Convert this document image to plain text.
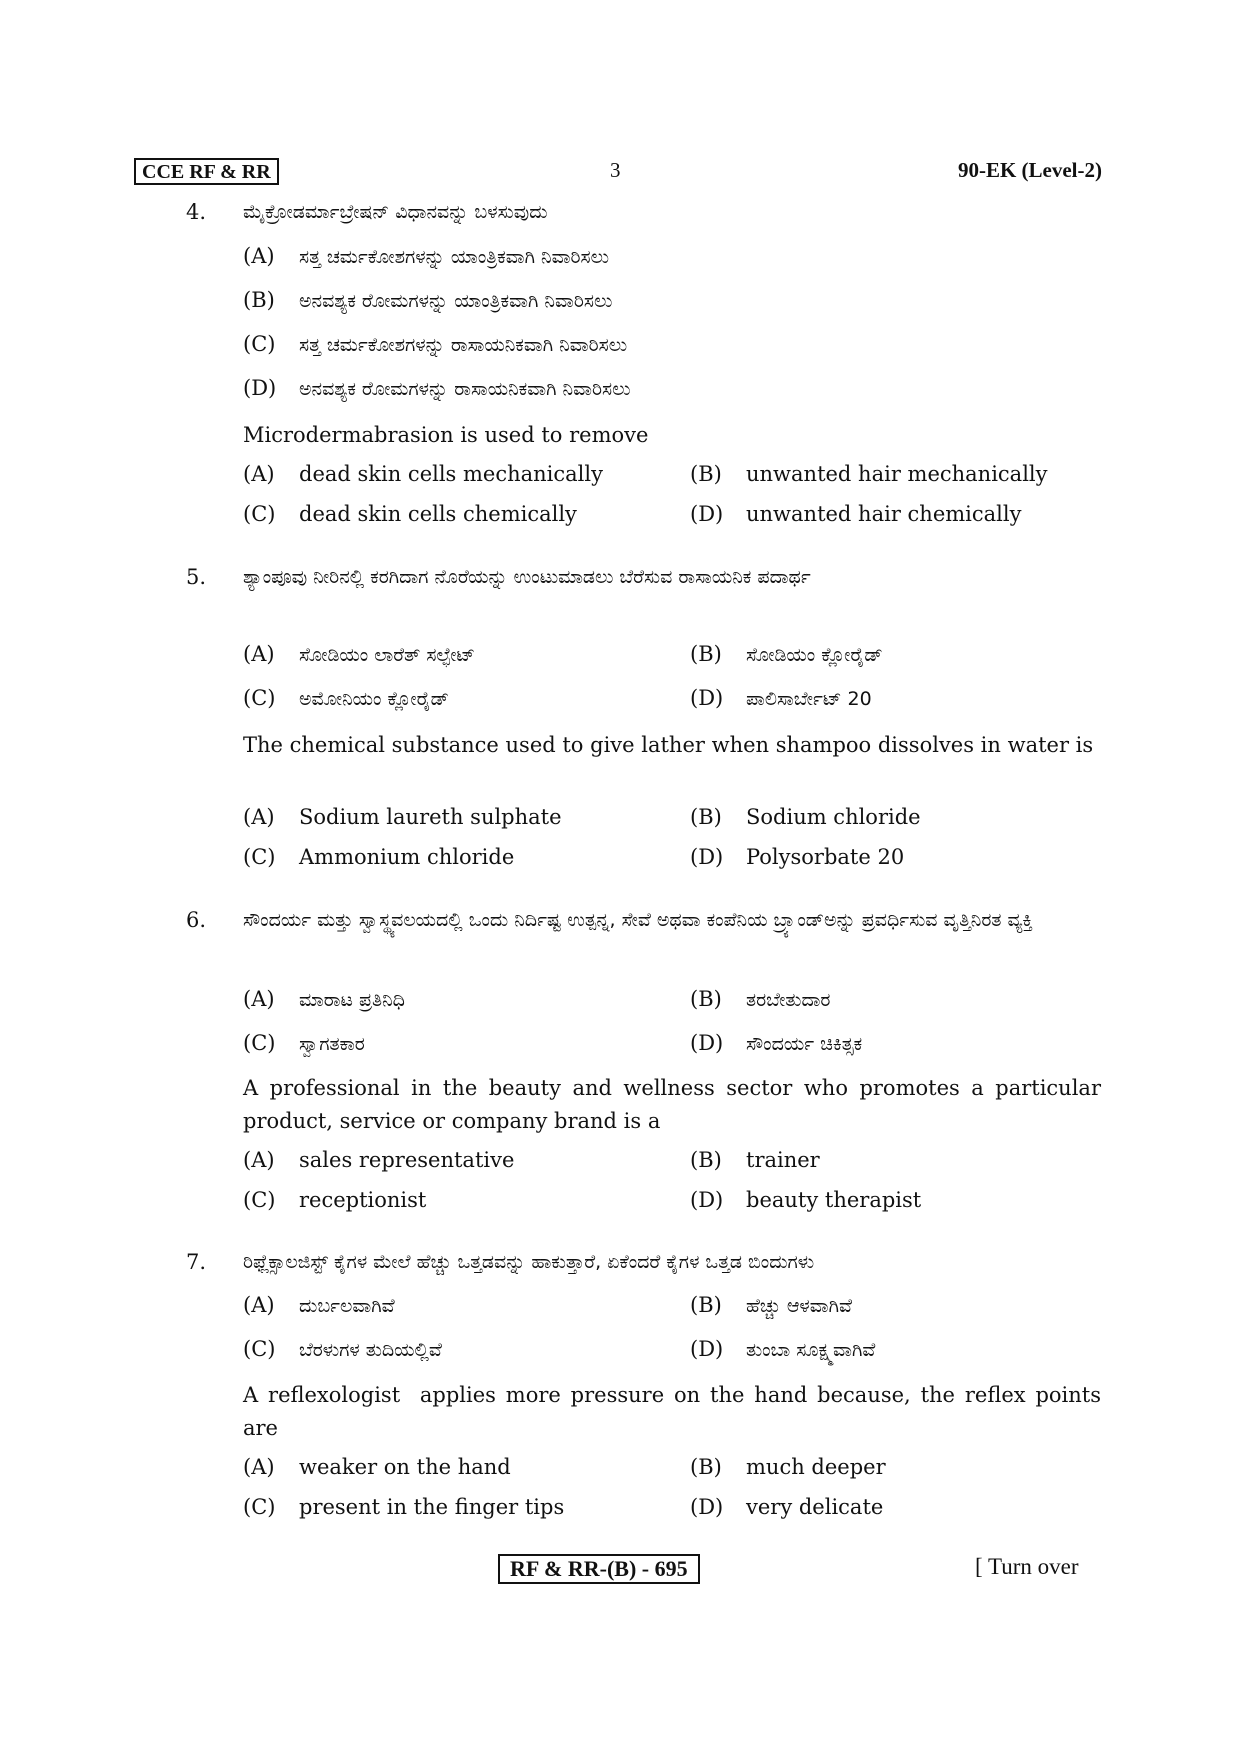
CCE RF & RR	3	90-EK (Level-2)
4. ಮೈಕ್ರೋಡರ್ಮಾಬ್ರೇಷನ್ ವಿಧಾನವನ್ನು ಬಳಸುವುದು
(A) ಸತ್ತ ಚರ್ಮಕೋಶಗಳನ್ನು ಯಾಂತ್ರಿಕವಾಗಿ ನಿವಾರಿಸಲು
(B) ಅನವಶ್ಯಕ ರೋಮಗಳನ್ನು ಯಾಂತ್ರಿಕವಾಗಿ ನಿವಾರಿಸಲು
(C) ಸತ್ತ ಚರ್ಮಕೋಶಗಳನ್ನು ರಾಸಾಯನಿಕವಾಗಿ ನಿವಾರಿಸಲು
(D) ಅನವಶ್ಯಕ ರೋಮಗಳನ್ನು ರಾಸಾಯನಿಕವಾಗಿ ನಿವಾರಿಸಲು
Microdermabrasion is used to remove
(A) dead skin cells mechanically	(B) unwanted hair mechanically
(C) dead skin cells chemically	(D) unwanted hair chemically
5. ಶ್ಯಾಂಪೂವು ನೀರಿನಲ್ಲಿ ಕರಗಿದಾಗ ನೊರೆಯನ್ನು ಉಂಟುಮಾಡಲು ಬೆರೆಸುವ ರಾಸಾಯನಿಕ ಪದಾರ್ಥ
(A) ಸೋಡಿಯಂ ಲಾರೆತ್ ಸಲ್ಫೇಟ್	(B) ಸೋಡಿಯಂ ಕ್ಲೋರೈಡ್
(C) ಅಮೋನಿಯಂ ಕ್ಲೋರೈಡ್	(D) ಪಾಲಿಸಾರ್ಬೇಟ್ 20
The chemical substance used to give lather when shampoo dissolves in water is
(A) Sodium laureth sulphate	(B) Sodium chloride
(C) Ammonium chloride	(D) Polysorbate 20
6. ಸೌಂದರ್ಯ ಮತ್ತು ಸ್ವಾಸ್ಥ್ಯವಲಯದಲ್ಲಿ ಒಂದು ನಿರ್ದಿಷ್ಟ ಉತ್ಪನ್ನ, ಸೇವೆ ಅಥವಾ ಕಂಪೆನಿಯ ಬ್ರ್ಯಾಂಡ್‌ಅನ್ನು ಪ್ರವರ್ಧಿಸುವ ವೃತ್ತಿನಿರತ ವ್ಯಕ್ತಿ
(A) ಮಾರಾಟ ಪ್ರತಿನಿಧಿ	(B) ತರಬೇತುದಾರ
(C) ಸ್ವಾಗತಕಾರ	(D) ಸೌಂದರ್ಯ ಚಿಕಿತ್ಸಕ
A professional in the beauty and wellness sector who promotes a particular product, service or company brand is a
(A) sales representative	(B) trainer
(C) receptionist	(D) beauty therapist
7. ರಿಫ್ಲೆಕ್ಸಾಲಜಿಸ್ಟ್ ಕೈಗಳ ಮೇಲೆ ಹೆಚ್ಚು ಒತ್ತಡವನ್ನು ಹಾಕುತ್ತಾರೆ, ಏಕೆಂದರೆ ಕೈಗಳ ಒತ್ತಡ ಬಿಂದುಗಳು
(A) ದುರ್ಬಲವಾಗಿವೆ	(B) ಹೆಚ್ಚು ಆಳವಾಗಿವೆ
(C) ಬೆರಳುಗಳ ತುದಿಯಲ್ಲಿವೆ	(D) ತುಂಬಾ ಸೂಕ್ಷ್ಮವಾಗಿವೆ
A reflexologist  applies more pressure on the hand because, the reflex points are
(A) weaker on the hand	(B) much deeper
(C) present in the finger tips	(D) very delicate
RF & RR-(B) - 695	[ Turn over
